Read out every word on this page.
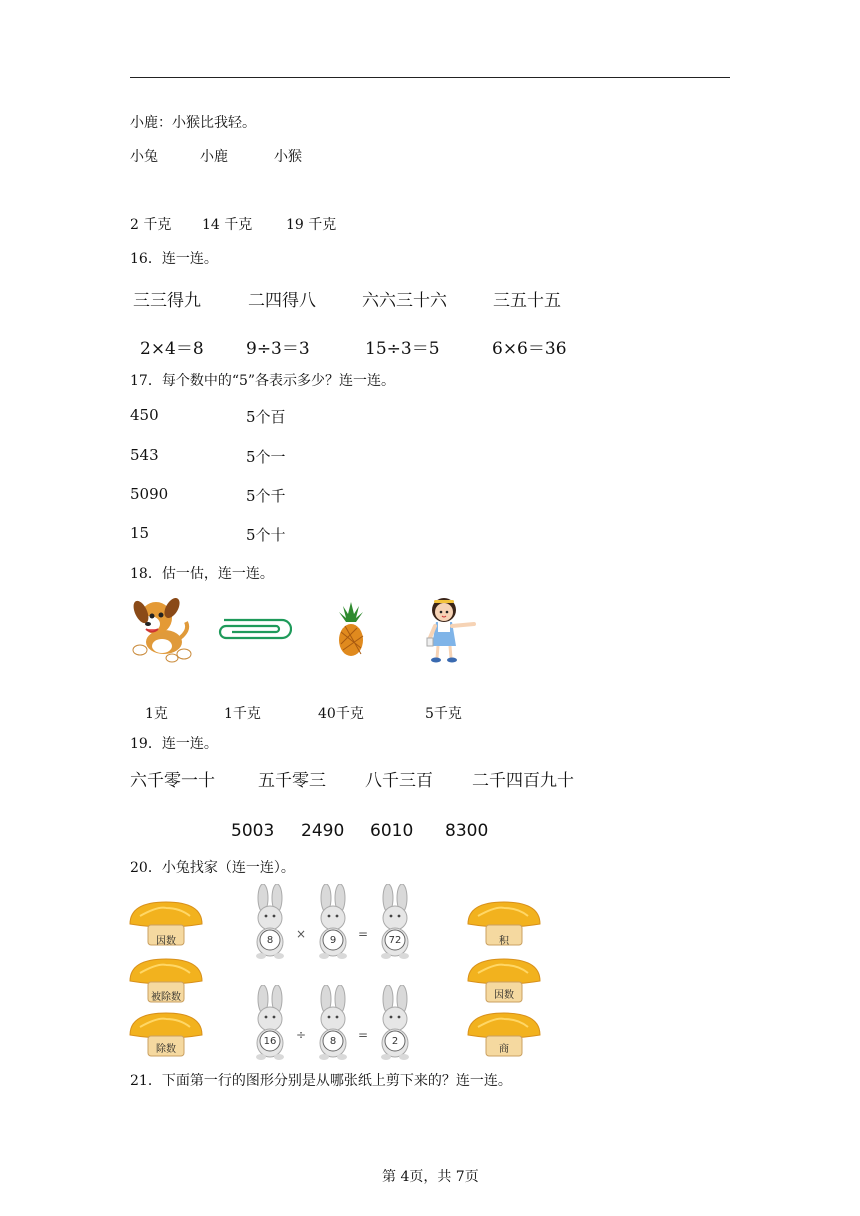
小鹿：小猴比我轻。
小兔	小鹿	小猴
2 千克 14 千克 19 千克
16．连一连。
三三得九	二四得八	六六三十六	三五十五
2×4＝8 9÷3＝3	15÷3＝5	6×6＝36
17．每个数中的“5”各表示多少？连一连。
450	5个百
543	5个一
5090	5个千
15	5个十
18．估一估，连一连。
1克	1千克	40千克	5千克
19．连一连。
六千零一十	五千零三 八千三百 二千四百九十
5003 2490 6010 8300
20．小兔找家（连一连）。
因数
被除数
除数
积
因数
商
8	×	9	=	72
16	÷	8	=	2
21．下面第一行的图形分别是从哪张纸上剪下来的？连一连。
第 4页，共 7页
